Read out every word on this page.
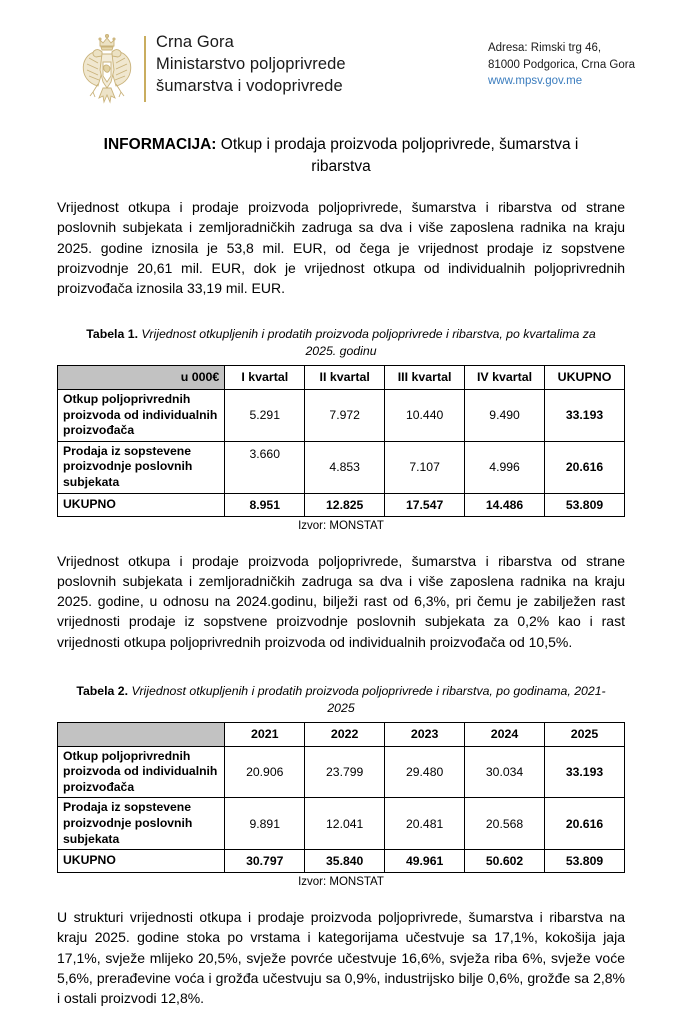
Crna Gora
Ministarstvo poljoprivrede
šumarstva i vodoprivrede
Adresa: Rimski trg 46,
81000 Podgorica, Crna Gora
www.mpsv.gov.me
INFORMACIJA: Otkup i prodaja proizvoda poljoprivrede, šumarstva i ribarstva

Vrijednost otkupa i prodaje proizvoda poljoprivrede, šumarstva i ribarstva od strane poslovnih subjekata i zemljoradničkih zadruga sa dva i više zaposlena radnika na kraju 2025. godine iznosila je 53,8 mil. EUR, od čega je vrijednost prodaje iz sopstvene proizvodnje 20,61 mil. EUR, dok je vrijednost otkupa od individualnih poljoprivrednih proizvođača iznosila 33,19 mil. EUR.

Tabela 1. Vrijednost otkupljenih i prodatih proizvoda poljoprivrede i ribarstva, po kvartalima za 2025. godinu
u 000€	I kvartal	II kvartal	III kvartal	IV kvartal	UKUPNO
Otkup poljoprivrednih proizvoda od individualnih proizvođača	5.291	7.972	10.440	9.490	33.193
Prodaja iz sopstevene proizvodnje poslovnih subjekata	3.660	4.853	7.107	4.996	20.616
UKUPNO	8.951	12.825	17.547	14.486	53.809
Izvor: MONSTAT

Vrijednost otkupa i prodaje proizvoda poljoprivrede, šumarstva i ribarstva od strane poslovnih subjekata i zemljoradničkih zadruga sa dva i više zaposlena radnika na kraju 2025. godine, u odnosu na 2024.godinu, bilježi rast od 6,3%, pri čemu je zabilježen rast vrijednosti prodaje iz sopstvene proizvodnje poslovnih subjekata za 0,2% kao i rast vrijednosti otkupa poljoprivrednih proizvoda od individualnih proizvođača od 10,5%.

Tabela 2. Vrijednost otkupljenih i prodatih proizvoda poljoprivrede i ribarstva, po godinama, 2021-2025
	2021	2022	2023	2024	2025
Otkup poljoprivrednih proizvoda od individualnih proizvođača	20.906	23.799	29.480	30.034	33.193
Prodaja iz sopstevene proizvodnje poslovnih subjekata	9.891	12.041	20.481	20.568	20.616
UKUPNO	30.797	35.840	49.961	50.602	53.809
Izvor: MONSTAT

U strukturi vrijednosti otkupa i prodaje proizvoda poljoprivrede, šumarstva i ribarstva na kraju 2025. godine stoka po vrstama i kategorijama učestvuje sa 17,1%, kokošija jaja 17,1%, svježe mlijeko 20,5%, svježe povrće učestvuje 16,6%, svježa riba 6%, svježe voće 5,6%, prerađevine voća i grožđa učestvuju sa 0,9%, industrijsko bilje 0,6%, grožđe sa 2,8% i ostali proizvodi 12,8%.
